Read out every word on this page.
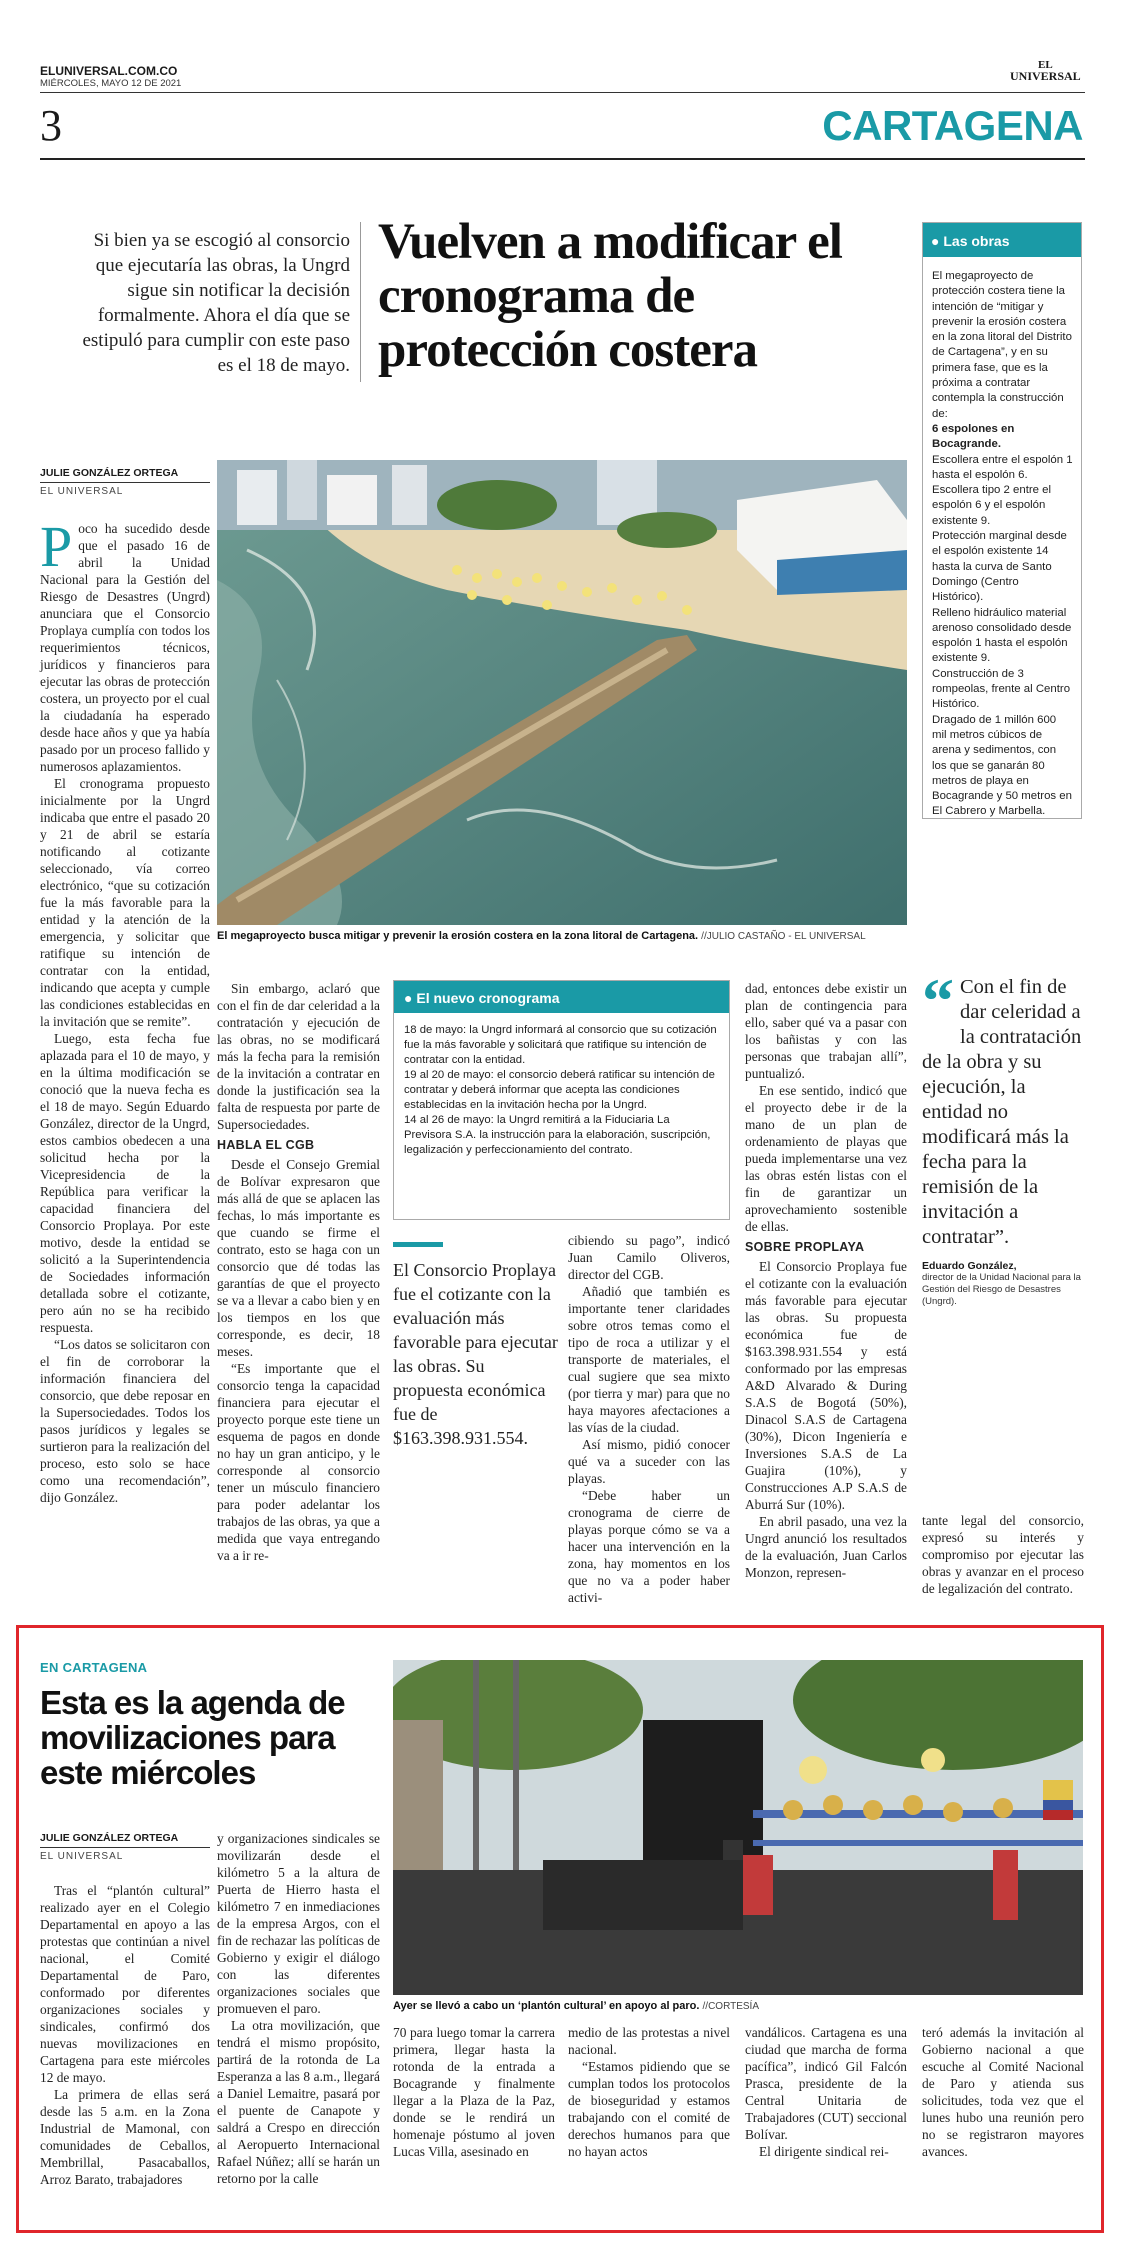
ELUNIVERSAL.COM.CO
MIÉRCOLES, MAYO 12 DE 2021
EL
UNIVERSAL
3	CARTAGENA
Si bien ya se escogió al consorcio que ejecutaría las obras, la Ungrd sigue sin notificar la decisión formalmente. Ahora el día que se estipuló para cumplir con este paso es el 18 de mayo.
Vuelven a modificar el cronograma de protección costera
● Las obras
El megaproyecto de protección costera tiene la intención de “mitigar y prevenir la erosión costera en la zona litoral del Distrito de Cartagena”, y en su primera fase, que es la próxima a contratar contempla la construcción de:
6 espolones en Bocagrande.
Escollera entre el espolón 1 hasta el espolón 6.
Escollera tipo 2 entre el espolón 6 y el espolón existente 9.
Protección marginal desde el espolón existente 14 hasta la curva de Santo Domingo (Centro Histórico).
Relleno hidráulico material arenoso consolidado desde espolón 1 hasta el espolón existente 9.
Construcción de 3 rompeolas, frente al Centro Histórico.
Dragado de 1 millón 600 mil metros cúbicos de arena y sedimentos, con los que se ganarán 80 metros de playa en Bocagrande y 50 metros en El Cabrero y Marbella.
JULIE GONZÁLEZ ORTEGA
EL UNIVERSAL
El megaproyecto busca mitigar y prevenir la erosión costera en la zona litoral de Cartagena. //JULIO CASTAÑO - EL UNIVERSAL

Poco ha sucedido desde que el pasado 16 de abril la Unidad Nacional para la Gestión del Riesgo de Desastres (Ungrd) anunciara que el Consorcio Proplaya cumplía con todos los requerimientos técnicos, jurídicos y financieros para ejecutar las obras de protección costera, un proyecto por el cual la ciudadanía ha esperado desde hace años y que ya había pasado por un proceso fallido y numerosos aplazamientos.

El cronograma propuesto inicialmente por la Ungrd indicaba que entre el pasado 20 y 21 de abril se estaría notificando al cotizante seleccionado, vía correo electrónico, “que su cotización fue la más favorable para la entidad y la atención de la emergencia, y solicitar que ratifique su intención de contratar con la entidad, indicando que acepta y cumple las condiciones establecidas en la invitación que se remite”.

Luego, esta fecha fue aplazada para el 10 de mayo, y en la última modificación se conoció que la nueva fecha es el 18 de mayo. Según Eduardo González, director de la Ungrd, estos cambios obedecen a una solicitud hecha por la Vicepresidencia de la República para verificar la capacidad financiera del Consorcio Proplaya. Por este motivo, desde la entidad se solicitó a la Superintendencia de Sociedades información detallada sobre el cotizante, pero aún no se ha recibido respuesta.

“Los datos se solicitaron con el fin de corroborar la información financiera del consorcio, que debe reposar en la Supersociedades. Todos los pasos jurídicos y legales se surtieron para la realización del proceso, esto solo se hace como una recomendación”, dijo González.

Sin embargo, aclaró que con el fin de dar celeridad a la contratación y ejecución de las obras, no se modificará más la fecha para la remisión de la invitación a contratar en donde la justificación sea la falta de respuesta por parte de Supersociedades.

HABLA EL CGB

Desde el Consejo Gremial de Bolívar expresaron que más allá de que se aplacen las fechas, lo más importante es que cuando se firme el contrato, esto se haga con un consorcio que dé todas las garantías de que el proyecto se va a llevar a cabo bien y en los tiempos en los que corresponde, es decir, 18 meses.

“Es importante que el consorcio tenga la capacidad financiera para ejecutar el proyecto porque este tiene un esquema de pagos en donde no hay un gran anticipo, y le corresponde al consorcio tener un músculo financiero para poder adelantar los trabajos de las obras, ya que a medida que vaya entregando va a ir re-

● El nuevo cronograma
18 de mayo: la Ungrd informará al consorcio que su cotización fue la más favorable y solicitará que ratifique su intención de contratar con la entidad.
19 al 20 de mayo: el consorcio deberá ratificar su intención de contratar y deberá informar que acepta las condiciones establecidas en la invitación hecha por la Ungrd.
14 al 26 de mayo: la Ungrd remitirá a la Fiduciaria La Previsora S.A. la instrucción para la elaboración, suscripción, legalización y perfeccionamiento del contrato.
El Consorcio Proplaya fue el cotizante con la evaluación más favorable para ejecutar las obras. Su propuesta económica fue de $163.398.931.554.

cibiendo su pago”, indicó Juan Camilo Oliveros, director del CGB.

Añadió que también es importante tener claridades sobre otros temas como el tipo de roca a utilizar y el transporte de materiales, el cual sugiere que sea mixto (por tierra y mar) para que no haya mayores afectaciones a las vías de la ciudad.

Así mismo, pidió conocer qué va a suceder con las playas.

“Debe haber un cronograma de cierre de playas porque cómo se va a hacer una intervención en la zona, hay momentos en los que no va a poder haber activi-

dad, entonces debe existir un plan de contingencia para ello, saber qué va a pasar con los bañistas y con las personas que trabajan allí”, puntualizó.

En ese sentido, indicó que el proyecto debe ir de la mano de un plan de ordenamiento de playas que pueda implementarse una vez las obras estén listas con el fin de garantizar un aprovechamiento sostenible de ellas.

SOBRE PROPLAYA

El Consorcio Proplaya fue el cotizante con la evaluación más favorable para ejecutar las obras. Su propuesta económica fue de $163.398.931.554 y está conformado por las empresas A&D Alvarado & During S.A.S de Bogotá (50%), Dinacol S.A.S de Cartagena (30%), Dicon Ingeniería e Inversiones S.A.S de La Guajira (10%), y Construcciones A.P S.A.S de Aburrá Sur (10%).

En abril pasado, una vez la Ungrd anunció los resultados de la evaluación, Juan Carlos Monzon, represen-

“ Con el fin de dar celeridad a la contratación de la obra y su ejecución, la entidad no modificará más la fecha para la remisión de la invitación a contratar”.
Eduardo González,
director de la Unidad Nacional para la Gestión del Riesgo de Desastres (Ungrd).

tante legal del consorcio, expresó su interés y compromiso por ejecutar las obras y avanzar en el proceso de legalización del contrato.

EN CARTAGENA
Esta es la agenda de movilizaciones para este miércoles
JULIE GONZÁLEZ ORTEGA
EL UNIVERSAL
Ayer se llevó a cabo un ‘plantón cultural’ en apoyo al paro. //CORTESÍA

Tras el “plantón cultural” realizado ayer en el Colegio Departamental en apoyo a las protestas que continúan a nivel nacional, el Comité Departamental de Paro, conformado por diferentes organizaciones sociales y sindicales, confirmó dos nuevas movilizaciones en Cartagena para este miércoles 12 de mayo.

La primera de ellas será desde las 5 a.m. en la Zona Industrial de Mamonal, con comunidades de Ceballos, Membrillal, Pasacaballos, Arroz Barato, trabajadores

y organizaciones sindicales se movilizarán desde el kilómetro 5 a la altura de Puerta de Hierro hasta el kilómetro 7 en inmediaciones de la empresa Argos, con el fin de rechazar las políticas de Gobierno y exigir el diálogo con las diferentes organizaciones sociales que promueven el paro.

La otra movilización, que tendrá el mismo propósito, partirá de la rotonda de La Esperanza a las 8 a.m., llegará a Daniel Lemaitre, pasará por el puente de Canapote y saldrá a Crespo en dirección al Aeropuerto Internacional Rafael Núñez; allí se harán un retorno por la calle

70 para luego tomar la carrera primera, llegar hasta la rotonda de la entrada a Bocagrande y finalmente llegar a la Plaza de la Paz, donde se le rendirá un homenaje póstumo al joven Lucas Villa, asesinado en

medio de las protestas a nivel nacional.

“Estamos pidiendo que se cumplan todos los protocolos de bioseguridad y estamos trabajando con el comité de derechos humanos para que no hayan actos

vandálicos. Cartagena es una ciudad que marcha de forma pacífica”, indicó Gil Falcón Prasca, presidente de la Central Unitaria de Trabajadores (CUT) seccional Bolívar.

El dirigente sindical rei-

teró además la invitación al Gobierno nacional a que escuche al Comité Nacional de Paro y atienda sus solicitudes, toda vez que el lunes hubo una reunión pero no se registraron mayores avances.
